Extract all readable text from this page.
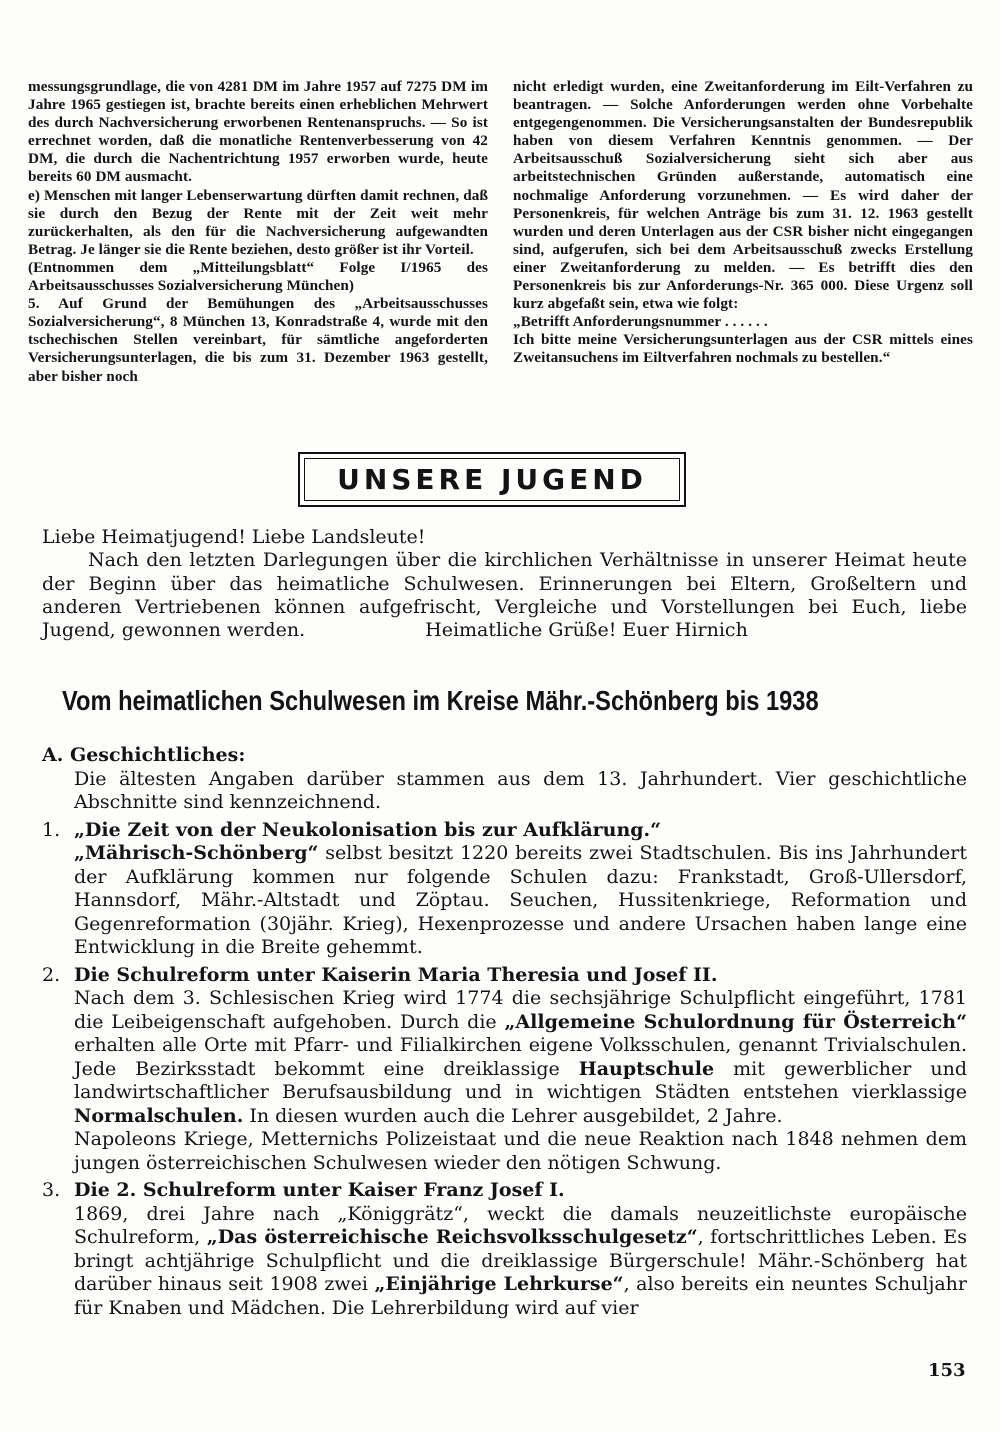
messungsgrundlage, die von 4281 DM im Jahre 1957 auf 7275 DM im Jahre 1965 gestiegen ist, brachte bereits einen erheblichen Mehrwert des durch Nachversicherung erworbenen Rentenanspruchs. — So ist errechnet worden, daß die monatliche Rentenverbesserung von 42 DM, die durch die Nachentrichtung 1957 erworben wurde, heute bereits 60 DM ausmacht.

e) Menschen mit langer Lebenserwartung dürften damit rechnen, daß sie durch den Bezug der Rente mit der Zeit weit mehr zurückerhalten, als den für die Nachversicherung aufgewandten Betrag. Je länger sie die Rente beziehen, desto größer ist ihr Vorteil.

(Entnommen dem „Mitteilungsblatt“ Folge I/1965 des Arbeitsausschusses Sozialversicherung München)

5. Auf Grund der Bemühungen des „Arbeitsausschusses Sozialversicherung“, 8 München 13, Konradstraße 4, wurde mit den tschechischen Stellen vereinbart, für sämtliche angeforderten Versicherungsunterlagen, die bis zum 31. Dezember 1963 gestellt, aber bisher noch

nicht erledigt wurden, eine Zweitanforderung im Eilt-Verfahren zu beantragen. — Solche Anforderungen werden ohne Vorbehalte entgegengenommen. Die Versicherungsanstalten der Bundesrepublik haben von diesem Verfahren Kenntnis genommen. — Der Arbeitsausschuß Sozialversicherung sieht sich aber aus arbeitstechnischen Gründen außerstande, automatisch eine nochmalige Anforderung vorzunehmen. — Es wird daher der Personenkreis, für welchen Anträge bis zum 31. 12. 1963 gestellt wurden und deren Unterlagen aus der CSR bisher nicht eingegangen sind, aufgerufen, sich bei dem Arbeitsausschuß zwecks Erstellung einer Zweitanforderung zu melden. — Es betrifft dies den Personenkreis bis zur Anforderungs-Nr. 365 000. Diese Urgenz soll kurz abgefaßt sein, etwa wie folgt:

„Betrifft Anforderungsnummer . . . . . .

Ich bitte meine Versicherungsunterlagen aus der CSR mittels eines Zweitansuchens im Eiltverfahren nochmals zu bestellen.“

UNSERE JUGEND

Liebe Heimatjugend! Liebe Landsleute!

Nach den letzten Darlegungen über die kirchlichen Verhältnisse in unserer Heimat heute der Beginn über das heimatliche Schulwesen. Erinnerungen bei Eltern, Großeltern und anderen Vertriebenen können aufgefrischt, Vergleiche und Vorstellungen bei Euch, liebe Jugend, gewonnen werden.	Heimatliche Grüße! Euer Hirnich

Vom heimatlichen Schulwesen im Kreise Mähr.-Schönberg bis 1938

A. Geschichtliches:

Die ältesten Angaben darüber stammen aus dem 13. Jahrhundert. Vier geschichtliche Abschnitte sind kennzeichnend.

1. „Die Zeit von der Neukolonisation bis zur Aufklärung.“

„Mährisch-Schönberg“ selbst besitzt 1220 bereits zwei Stadtschulen. Bis ins Jahrhundert der Aufklärung kommen nur folgende Schulen dazu: Frankstadt, Groß-Ullersdorf, Hannsdorf, Mähr.-Altstadt und Zöptau. Seuchen, Hussitenkriege, Reformation und Gegenreformation (30jähr. Krieg), Hexenprozesse und andere Ursachen haben lange eine Entwicklung in die Breite gehemmt.

2. Die Schulreform unter Kaiserin Maria Theresia und Josef II.

Nach dem 3. Schlesischen Krieg wird 1774 die sechsjährige Schulpflicht eingeführt, 1781 die Leibeigenschaft aufgehoben. Durch die „Allgemeine Schulordnung für Österreich“ erhalten alle Orte mit Pfarr- und Filialkirchen eigene Volksschulen, genannt Trivialschulen. Jede Bezirksstadt bekommt eine dreiklassige Hauptschule mit gewerblicher und landwirtschaftlicher Berufsausbildung und in wichtigen Städten entstehen vierklassige Normalschulen. In diesen wurden auch die Lehrer ausgebildet, 2 Jahre.

Napoleons Kriege, Metternichs Polizeistaat und die neue Reaktion nach 1848 nehmen dem jungen österreichischen Schulwesen wieder den nötigen Schwung.

3. Die 2. Schulreform unter Kaiser Franz Josef I.

1869, drei Jahre nach „Königgrätz“, weckt die damals neuzeitlichste europäische Schulreform, „Das österreichische Reichsvolksschulgesetz“, fortschrittliches Leben. Es bringt achtjährige Schulpflicht und die dreiklassige Bürgerschule! Mähr.-Schönberg hat darüber hinaus seit 1908 zwei „Einjährige Lehrkurse“, also bereits ein neuntes Schuljahr für Knaben und Mädchen. Die Lehrerbildung wird auf vier

153
